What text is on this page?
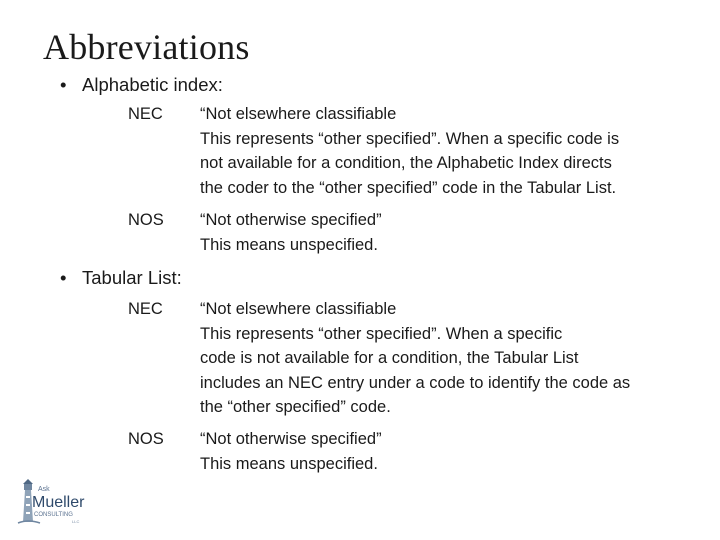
Abbreviations
• Alphabetic index:
NEC “Not elsewhere classifiable
This represents “other specified”. When a specific code is
not available for a condition, the Alphabetic Index directs
the coder to the “other specified” code in the Tabular List.
NOS “Not otherwise specified”
This means unspecified.
• Tabular List:
NEC “Not elsewhere classifiable
This represents “other specified”. When a specific
code is not available for a condition, the Tabular List
includes an NEC entry under a code to identify the code as
the “other specified” code.
NOS “Not otherwise specified”
This means unspecified.
Ask
Mueller
CONSULTING
LLC
